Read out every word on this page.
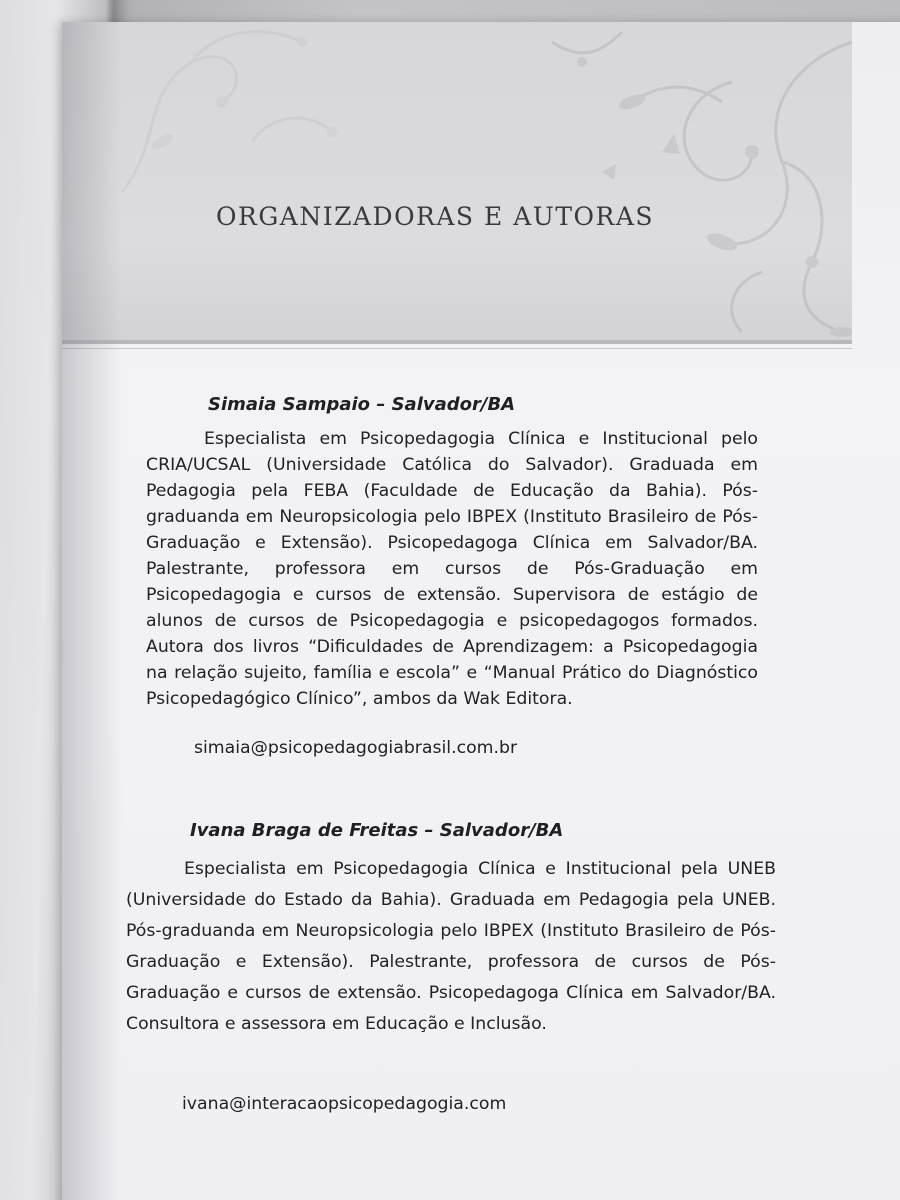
ORGANIZADORAS E AUTORAS
Simaia Sampaio – Salvador/BA

Especialista em Psicopedagogia Clínica e Institucional pelo CRIA/UCSAL (Universidade Católica do Salvador). Graduada em Pedagogia pela FEBA (Faculdade de Educação da Bahia). Pós-graduanda em Neuropsicologia pelo IBPEX (Instituto Brasileiro de Pós-Graduação e Extensão). Psicopedagoga Clínica em Salvador/BA. Palestrante, professora em cursos de Pós-Graduação em Psicopedagogia e cursos de extensão. Supervisora de estágio de alunos de cursos de Psicopedagogia e psicopedagogos formados. Autora dos livros “Dificuldades de Aprendizagem: a Psicopedagogia na relação sujeito, família e escola” e “Manual Prático do Diagnóstico Psicopedagógico Clínico”, ambos da Wak Editora.

simaia@psicopedagogiabrasil.com.br

Ivana Braga de Freitas – Salvador/BA

Especialista em Psicopedagogia Clínica e Institucional pela UNEB (Universidade do Estado da Bahia). Graduada em Pedagogia pela UNEB. Pós-graduanda em Neuropsicologia pelo IBPEX (Instituto Brasileiro de Pós-Graduação e Extensão). Palestrante, professora de cursos de Pós-Graduação e cursos de extensão. Psicopedagoga Clínica em Salvador/BA. Consultora e assessora em Educação e Inclusão.

ivana@interacaopsicopedagogia.com
